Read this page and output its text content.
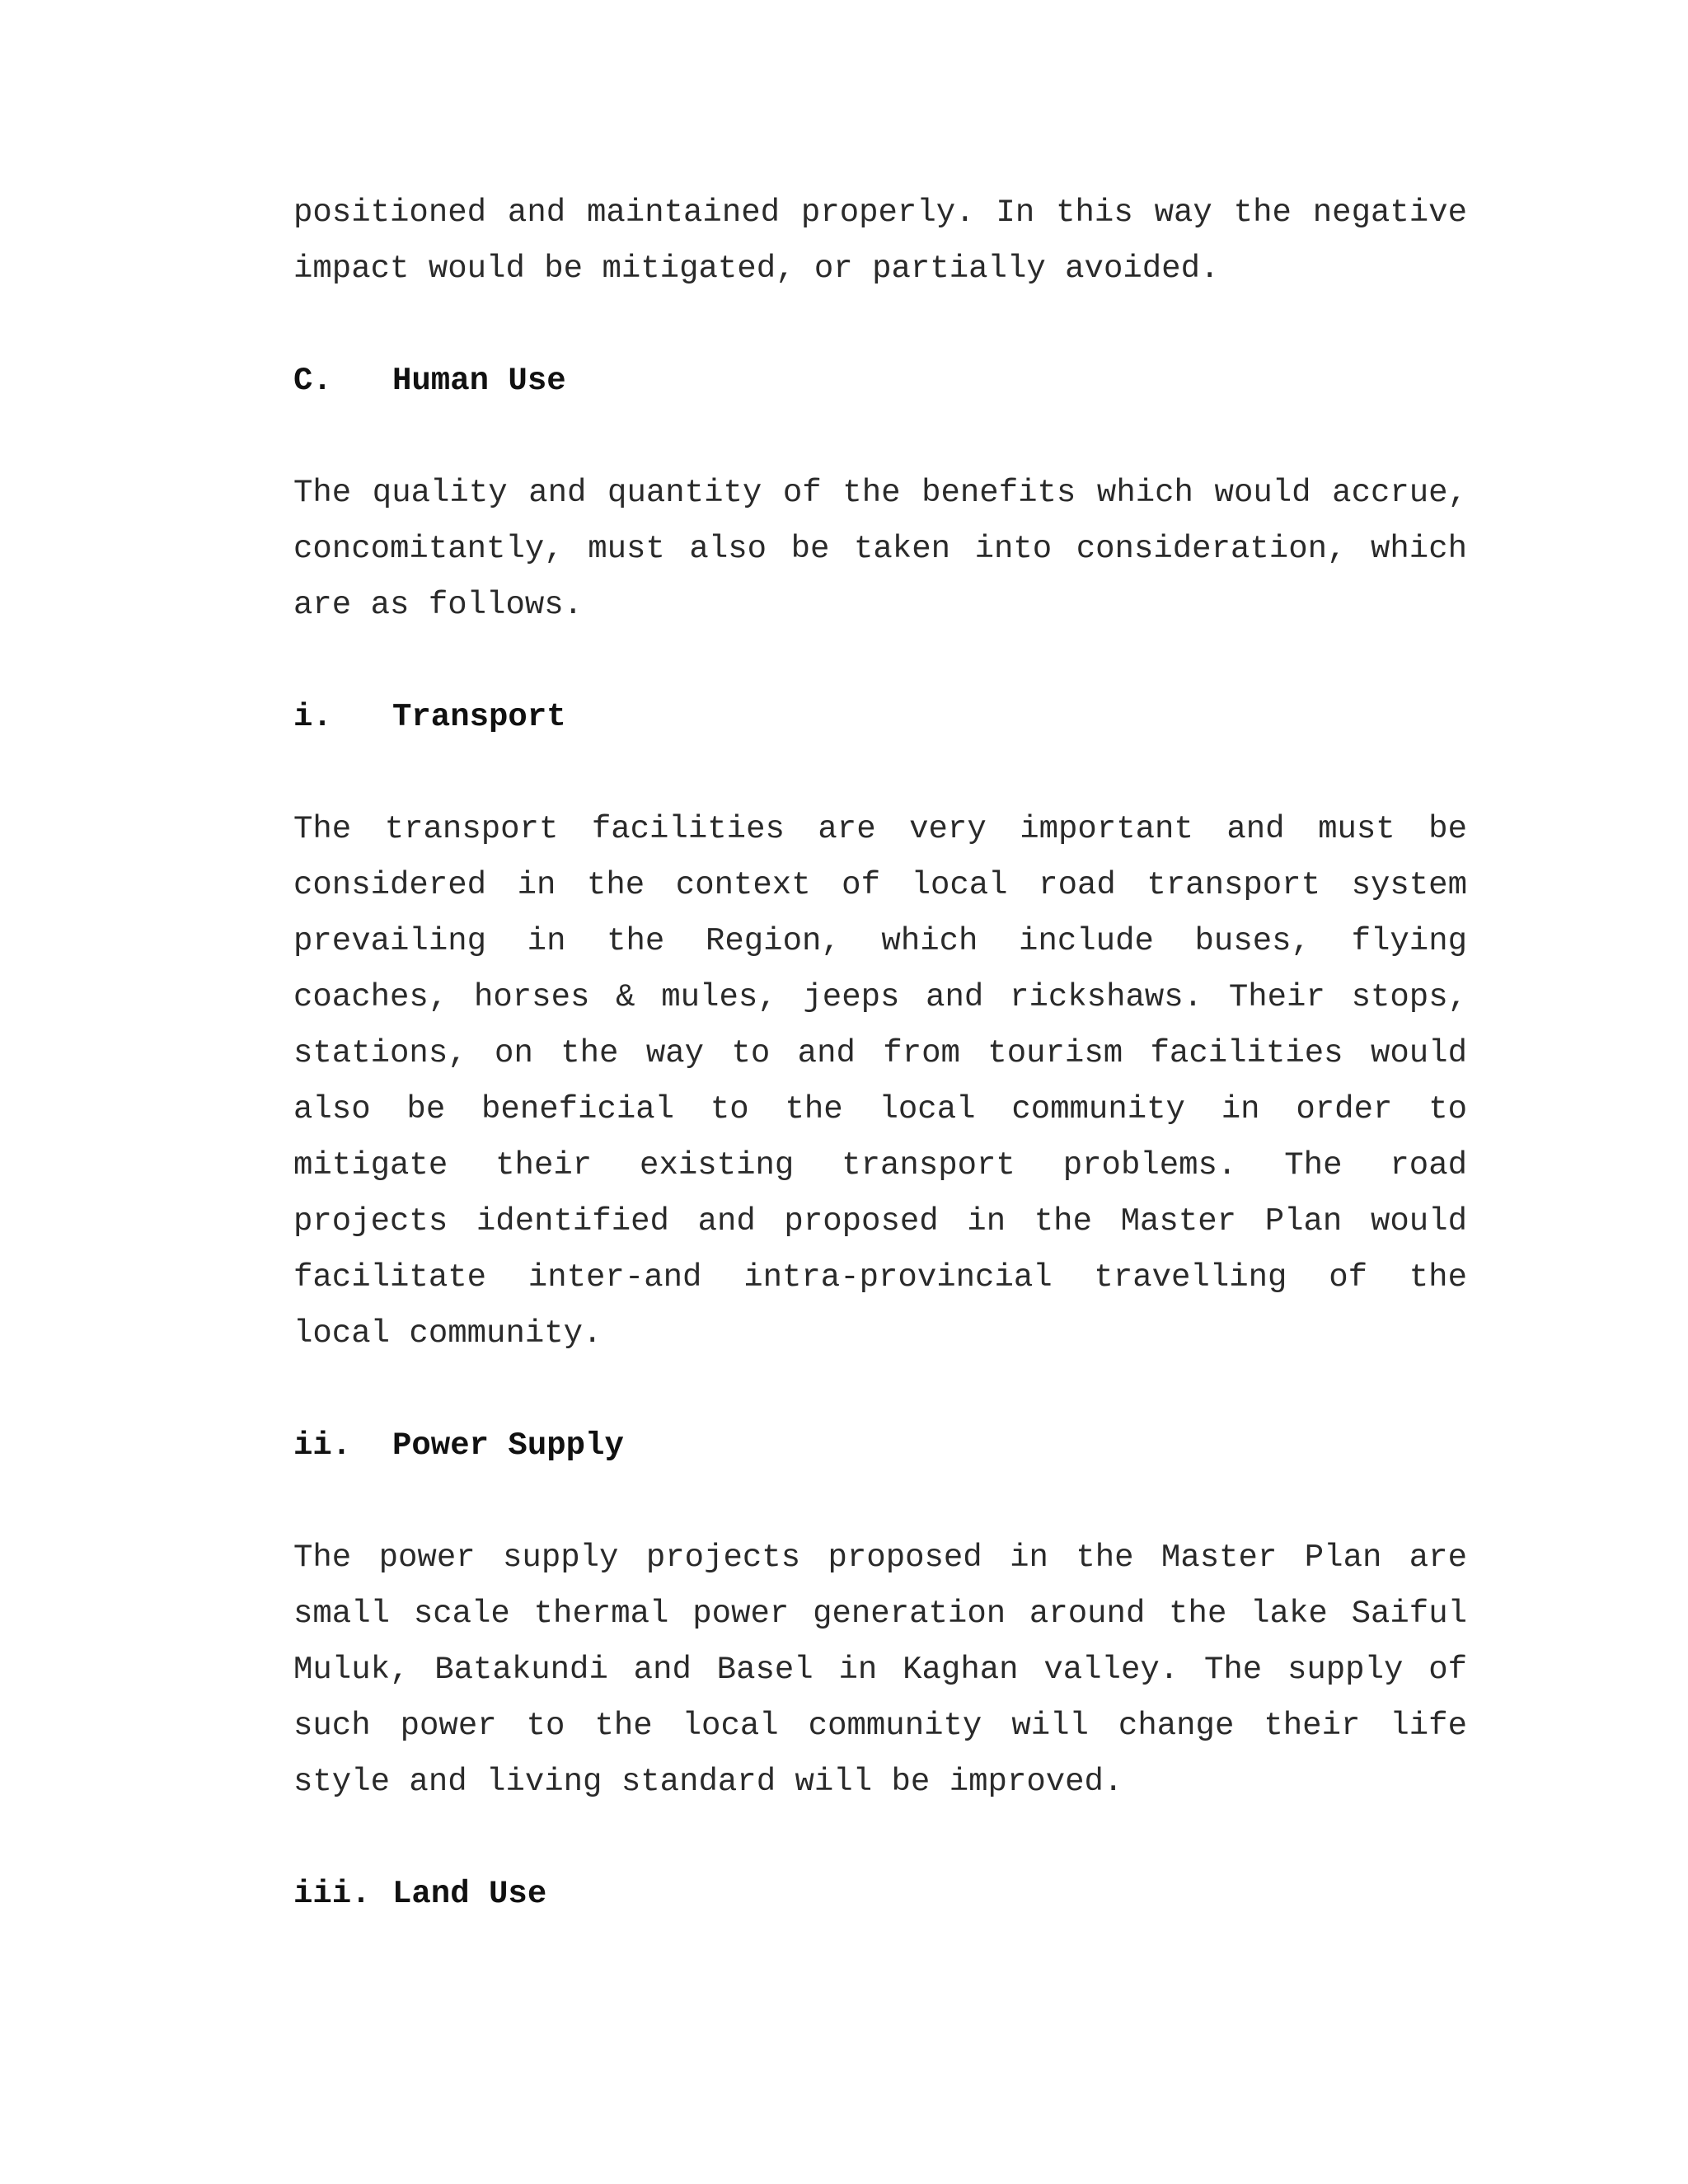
positioned and maintained properly. In this way the negative impact would be mitigated, or partially avoided.

C. Human Use

The quality and quantity of the benefits which would accrue, concomitantly, must also be taken into consideration, which are as follows.

i. Transport

The transport facilities are very important and must be considered in the context of local road transport system prevailing in the Region, which include buses, flying coaches, horses & mules, jeeps and rickshaws. Their stops, stations, on the way to and from tourism facilities would also be beneficial to the local community in order to mitigate their existing transport problems. The road projects identified and proposed in the Master Plan would facilitate inter-and intra-provincial travelling of the local community.

ii. Power Supply

The power supply projects proposed in the Master Plan are small scale thermal power generation around the lake Saiful Muluk, Batakundi and Basel in Kaghan valley. The supply of such power to the local community will change their life style and living standard will be improved.

iii. Land Use
